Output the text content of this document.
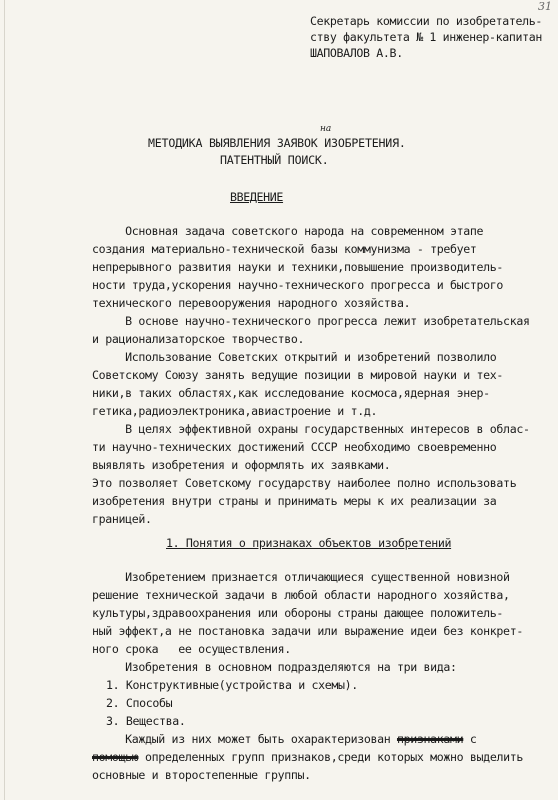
31
Секретарь комиссии по изобретатель-
ству факультета № 1 инженер-капитан
ШАПОВАЛОВ А.В.
на
МЕТОДИКА ВЫЯВЛЕНИЯ ЗАЯВОК ИЗОБРЕТЕНИЯ.
ПАТЕНТНЫЙ ПОИСК.
ВВЕДЕНИЕ
Основная задача советского народа на современном этапе
создания материально-технической базы коммунизма - требует
непрерывного развития науки и техники,повышение производитель-
ности труда,ускорения научно-технического прогресса и быстрого
технического перевооружения народного хозяйства.
В основе научно-технического прогресса лежит изобретательская
и рационализаторское творчество.
Использование Советских открытий и изобретений позволило
Советскому Союзу занять ведущие позиции в мировой науки и тех-
ники,в таких областях,как исследование космоса,ядерная энер-
гетика,радиоэлектроника,авиастроение и т.д.
В целях эффективной охраны государственных интересов в облас-
ти научно-технических достижений СССР необходимо своевременно
выявлять изобретения и оформлять их заявками.
Это позволяет Советскому государству наиболее полно использовать
изобретения внутри страны и принимать меры к их реализации за
границей.
1. Понятия о признаках объектов изобретений
Изобретением признается отличающиеся существенной новизной
решение технической задачи в любой области народного хозяйства,
культуры,здравоохранения или обороны страны дающее положитель-
ный эффект,а не постановка задачи или выражение идеи без конкрет-
ного срока   ее осуществления.
Изобретения в основном подразделяются на три вида:
1. Конструктивные(устройства и схемы).
2. Способы
3. Вещества.
Каждый из них может быть охарактеризован признаками с
помощью определенных групп признаков,среди которых можно выделить
основные и второстепенные группы.
